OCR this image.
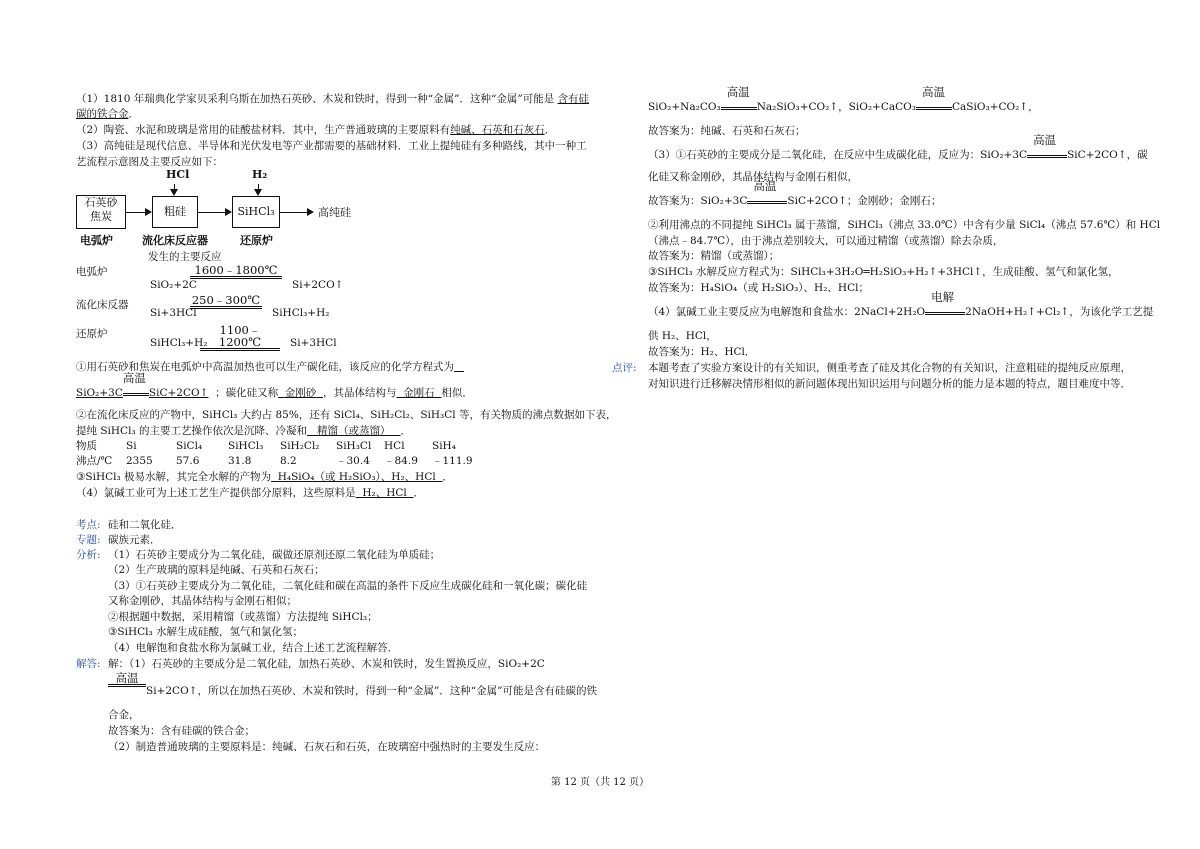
（1）1810 年瑞典化学家贝采利乌斯在加热石英砂、木炭和铁时，得到一种“金属”．这种“金属”可能是 含有硅
碳的铁合金．
（2）陶瓷、水泥和玻璃是常用的硅酸盐材料．其中，生产普通玻璃的主要原料有纯碱、石英和石灰石．
（3）高纯硅是现代信息、半导体和光伏发电等产业都需要的基础材料．工业上提纯硅有多种路线，其中一种工
艺流程示意图及主要反应如下：
石英砂
焦炭	粗硅	SiHCl₃	高纯硅
HCl	H₂
电弧炉	流化床反应器	还原炉
发生的主要反应
电弧炉
SiO₂+2C
1600﹣1800℃
Si+2CO↑
流化床反器
Si+3HCl
250﹣300℃
SiHCl₃+H₂
还原炉
SiHCl₃+H₂
1100﹣1200℃	Si+3HCl
①用石英砂和焦炭在电弧炉中高温加热也可以生产碳化硅，该反应的化学方程式为
SiO₂+3C
高温
SiC+2CO↑ ；碳化硅又称 金刚砂 ，其晶体结构与 金刚石 相似．
②在流化床反应的产物中，SiHCl₃ 大约占 85%，还有 SiCl₄、SiH₂Cl₂、SiH₃Cl 等，有关物质的沸点数据如下表，
提纯 SiHCl₃ 的主要工艺操作依次是沉降、冷凝和 精馏（或蒸馏） ．
物质	Si	SiCl₄	SiHCl₃	SiH₂Cl₂	SiH₃Cl	HCl	SiH₄
沸点/℃	2355	57.6	31.8	8.2	﹣30.4	﹣84.9	﹣111.9
③SiHCl₃ 极易水解，其完全水解的产物为 H₄SiO₄（或 H₂SiO₃）、H₂、HCl ．
（4）氯碱工业可为上述工艺生产提供部分原料，这些原料是 H₂、HCl ．
考点: 硅和二氧化硅．
专题: 碳族元素．
分析: （1）石英砂主要成分为二氧化硅，碳做还原剂还原二氧化硅为单质硅；
（2）生产玻璃的原料是纯碱、石英和石灰石；
（3）①石英砂主要成分为二氧化硅，二氧化硅和碳在高温的条件下反应生成碳化硅和一氧化碳；碳化硅
又称金刚砂，其晶体结构与金刚石相似；
②根据题中数据，采用精馏（或蒸馏）方法提纯 SiHCl₃；
③SiHCl₃ 水解生成硅酸，氢气和氯化氢；
（4）电解饱和食盐水称为氯碱工业，结合上述工艺流程解答．
解答: 解：（1）石英砂的主要成分是二氧化硅，加热石英砂、木炭和铁时，发生置换反应，SiO₂+2C
高温
Si+2CO↑，所以在加热石英砂、木炭和铁时，得到一种“金属”．这种“金属”可能是含有硅碳的铁
合金，
故答案为：含有硅碳的铁合金；
（2）制造普通玻璃的主要原料是：纯碱、石灰石和石英，在玻璃窑中强热时的主要发生反应：
SiO₂+Na₂CO₃
高温
Na₂SiO₃+CO₂↑，SiO₂+CaCO₃
高温
CaSiO₃+CO₂↑，
故答案为：纯碱、石英和石灰石；
（3）①石英砂的主要成分是二氧化硅，在反应中生成碳化硅，反应为：SiO₂+3C
高温
SiC+2CO↑，碳
化硅又称金刚砂，其晶体结构与金刚石相似，
故答案为：SiO₂+3C
高温
SiC+2CO↑；金刚砂；金刚石；
②利用沸点的不同提纯 SiHCl₃ 属于蒸馏，SiHCl₃（沸点 33.0℃）中含有少量 SiCl₄（沸点 57.6℃）和 HCl
（沸点﹣84.7℃），由于沸点差别较大，可以通过精馏（或蒸馏）除去杂质，
故答案为：精馏（或蒸馏）；
③SiHCl₃ 水解反应方程式为：SiHCl₃+3H₂O═H₂SiO₃+H₂↑+3HCl↑，生成硅酸、氢气和氯化氢，
故答案为：H₄SiO₄（或 H₂SiO₃）、H₂、HCl；
（4）氯碱工业主要反应为电解饱和食盐水：2NaCl+2H₂O
电解
2NaOH+H₂↑+Cl₂↑，为该化学工艺提
供 H₂、HCl，
故答案为：H₂、HCl．
点评: 本题考查了实验方案设计的有关知识，侧重考查了硅及其化合物的有关知识，注意粗硅的提纯反应原理，
对知识进行迁移解决情形相似的新问题体现出知识运用与问题分析的能力是本题的特点，题目难度中等．
第 12 页（共 12 页）
